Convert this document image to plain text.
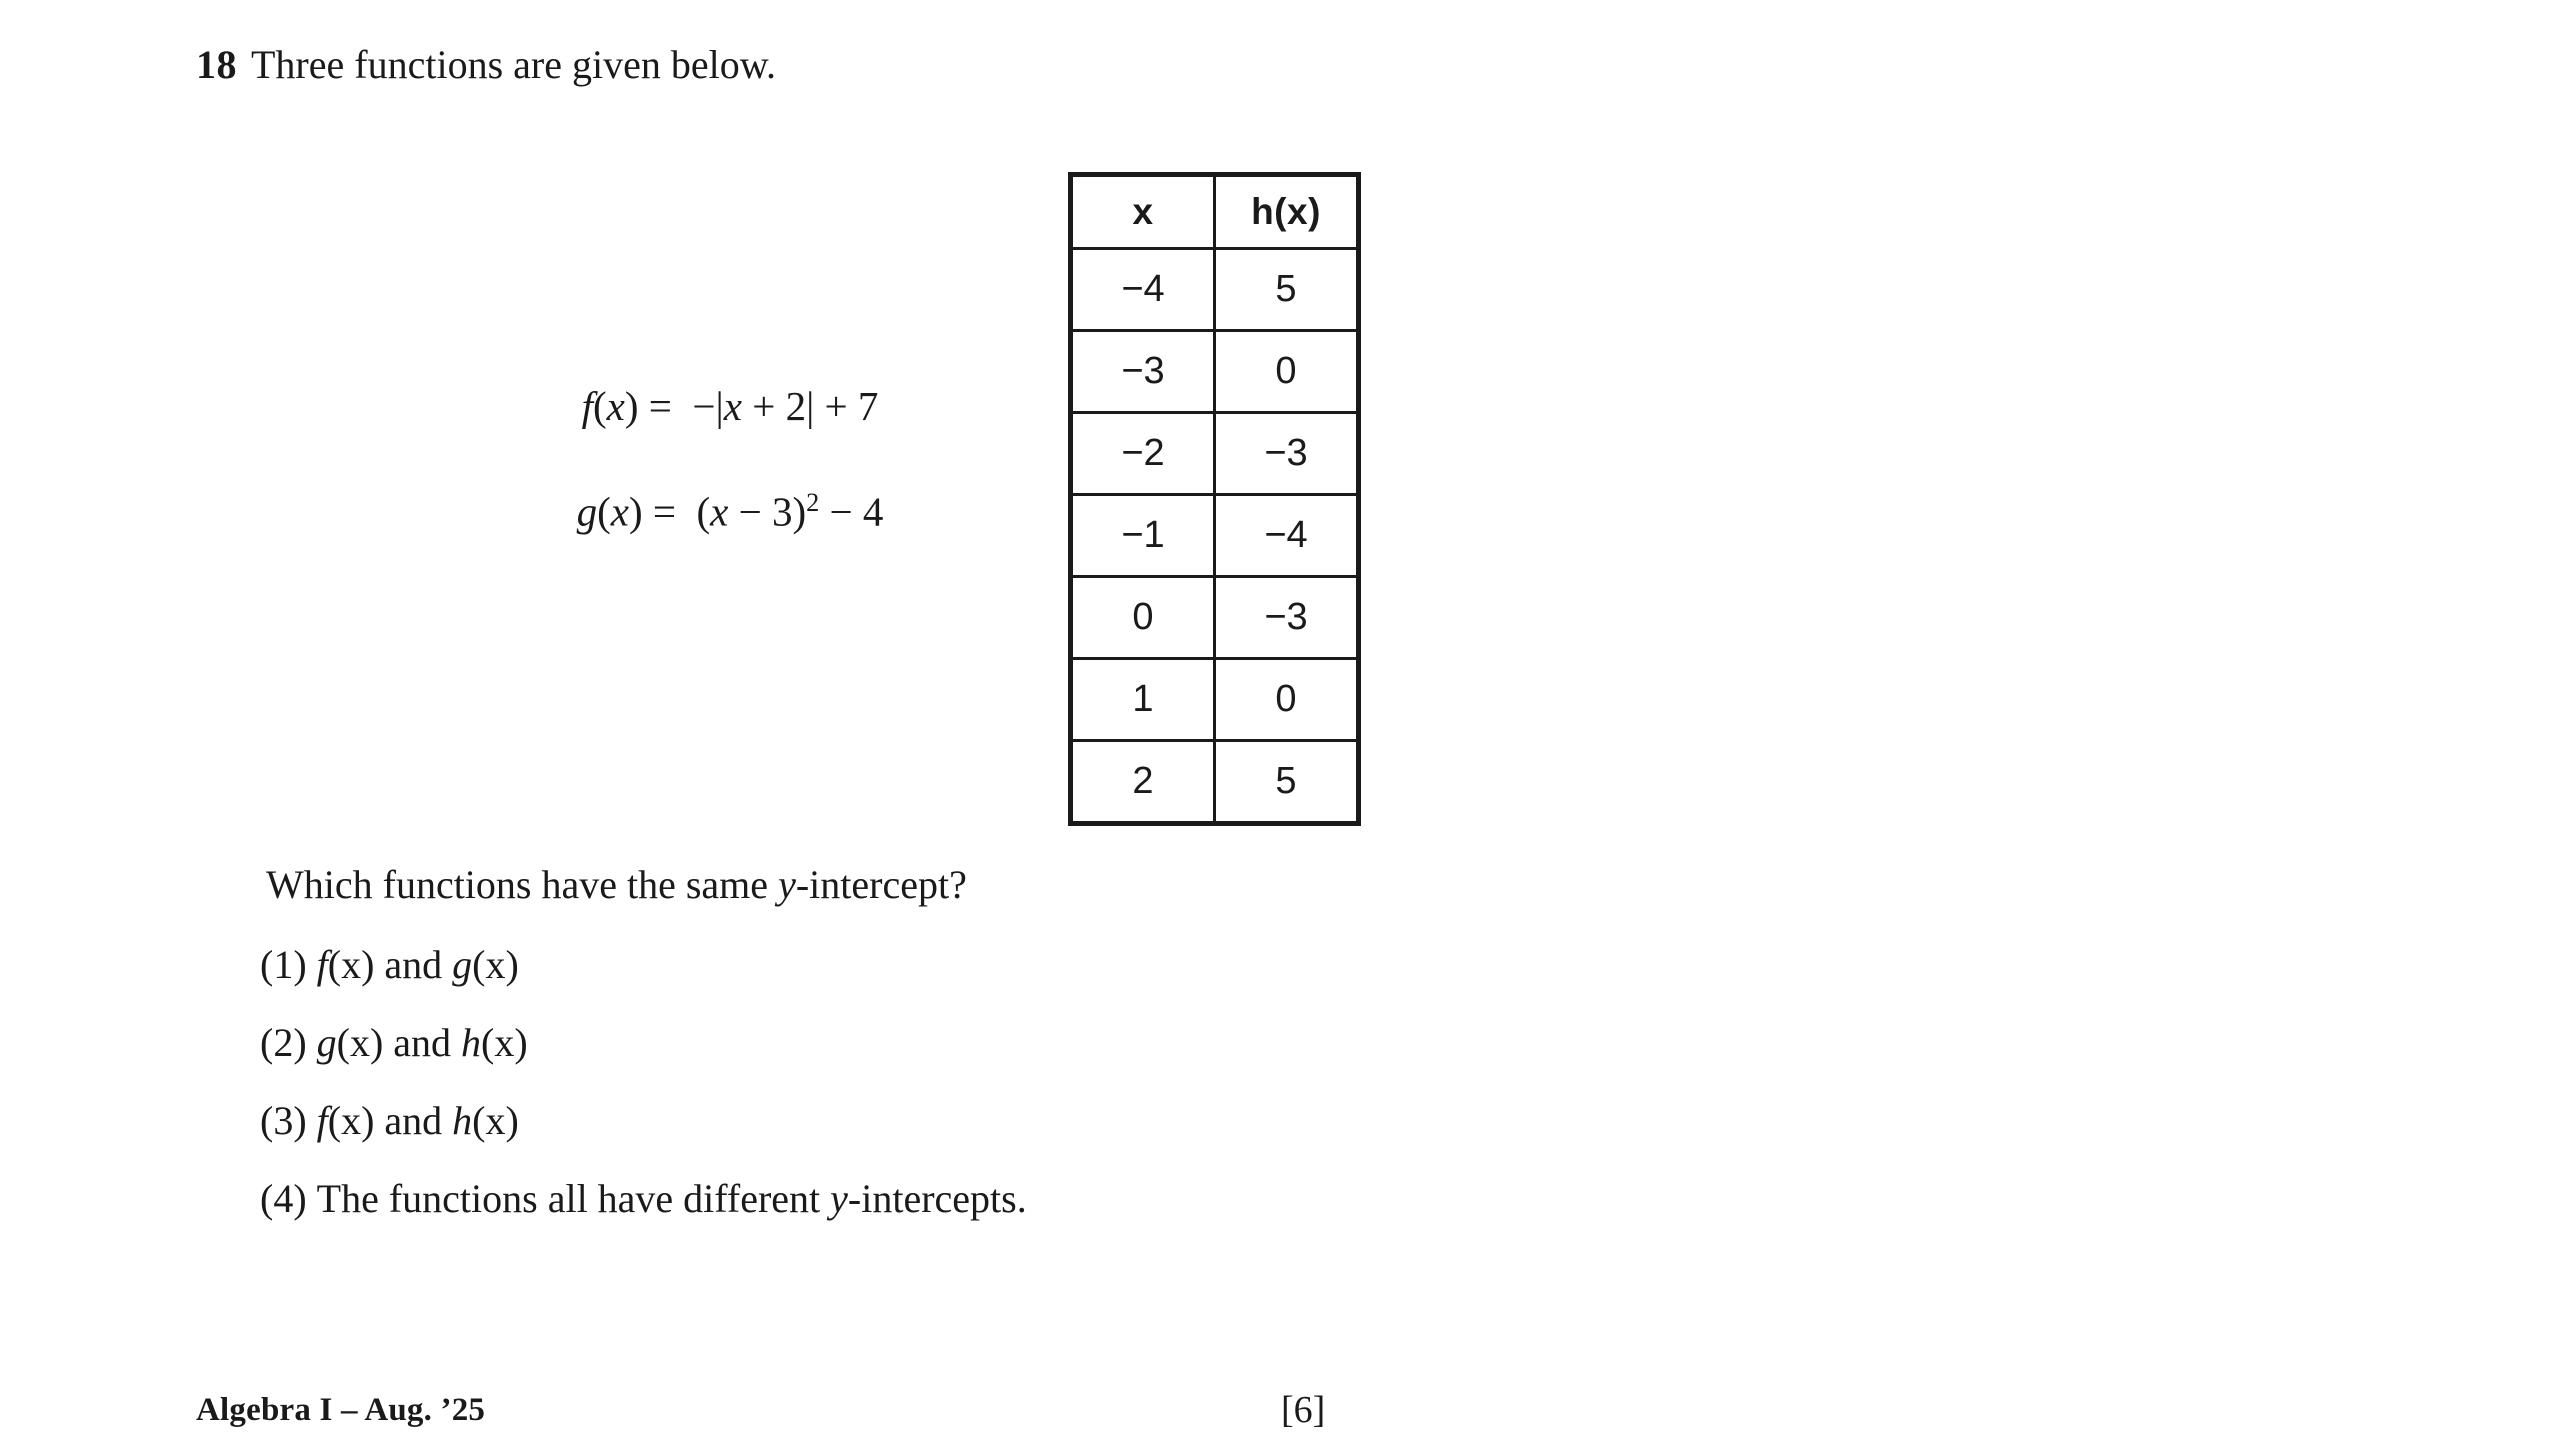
18 Three functions are given below.
f(x) = −|x + 2| + 7
$g(x) = (x - 3)^2 - 4$
x	h(x)
−4	5
−3	0
−2	−3
−1	−4
0	−3
1	0
2	5
Which functions have the same y-intercept?
(1) f(x) and g(x)
(2) g(x) and h(x)
(3) f(x) and h(x)
(4) The functions all have different y-intercepts.
Algebra I – Aug. ’25	[6]
